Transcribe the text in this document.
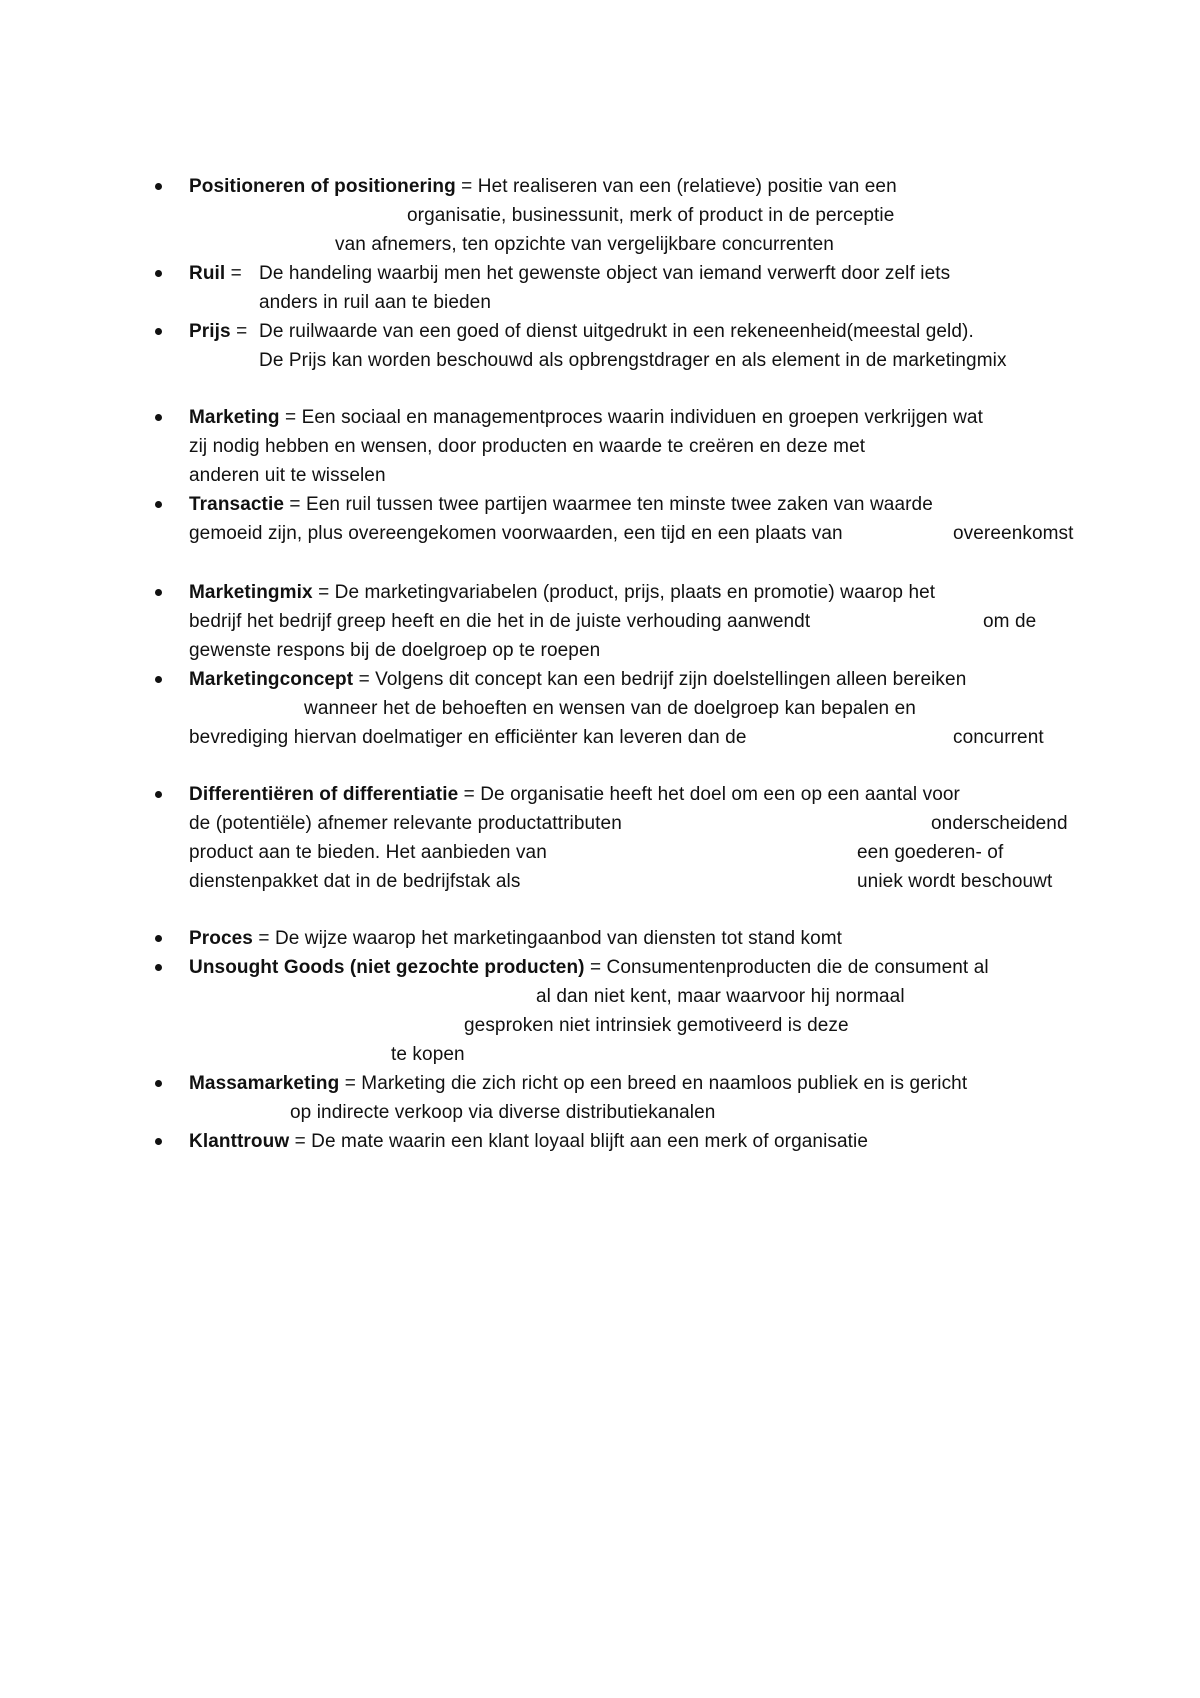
Positioneren of positionering = Het realiseren van een (relatieve) positie van een
organisatie, businessunit, merk of product in de perceptie
van afnemers, ten opzichte van vergelijkbare concurrenten
Ruil = De handeling waarbij men het gewenste object van iemand verwerft door zelf iets
anders in ruil aan te bieden
Prijs = De ruilwaarde van een goed of dienst uitgedrukt in een rekeneenheid(meestal geld).
De Prijs kan worden beschouwd als opbrengstdrager en als element in de marketingmix
Marketing = Een sociaal en managementproces waarin individuen en groepen verkrijgen wat
zij nodig hebben en wensen, door producten en waarde te creëren en deze met
anderen uit te wisselen
Transactie = Een ruil tussen twee partijen waarmee ten minste twee zaken van waarde
gemoeid zijn, plus overeengekomen voorwaarden, een tijd en een plaats van	overeenkomst
Marketingmix = De marketingvariabelen (product, prijs, plaats en promotie) waarop het
bedrijf het bedrijf greep heeft en die het in de juiste verhouding aanwendt	om de
gewenste respons bij de doelgroep op te roepen
Marketingconcept = Volgens dit concept kan een bedrijf zijn doelstellingen alleen bereiken
wanneer het de behoeften en wensen van de doelgroep kan bepalen en
bevrediging hiervan doelmatiger en efficiënter kan leveren dan de	concurrent
Differentiëren of differentiatie = De organisatie heeft het doel om een op een aantal voor
de (potentiële) afnemer relevante productattributen	onderscheidend
product aan te bieden. Het aanbieden van	een goederen- of
dienstenpakket dat in de bedrijfstak als	uniek wordt beschouwt
Proces = De wijze waarop het marketingaanbod van diensten tot stand komt
Unsought Goods (niet gezochte producten) = Consumentenproducten die de consument al
al dan niet kent, maar waarvoor hij normaal
gesproken niet intrinsiek gemotiveerd is deze
te kopen
Massamarketing = Marketing die zich richt op een breed en naamloos publiek en is gericht
op indirecte verkoop via diverse distributiekanalen
Klanttrouw = De mate waarin een klant loyaal blijft aan een merk of organisatie
